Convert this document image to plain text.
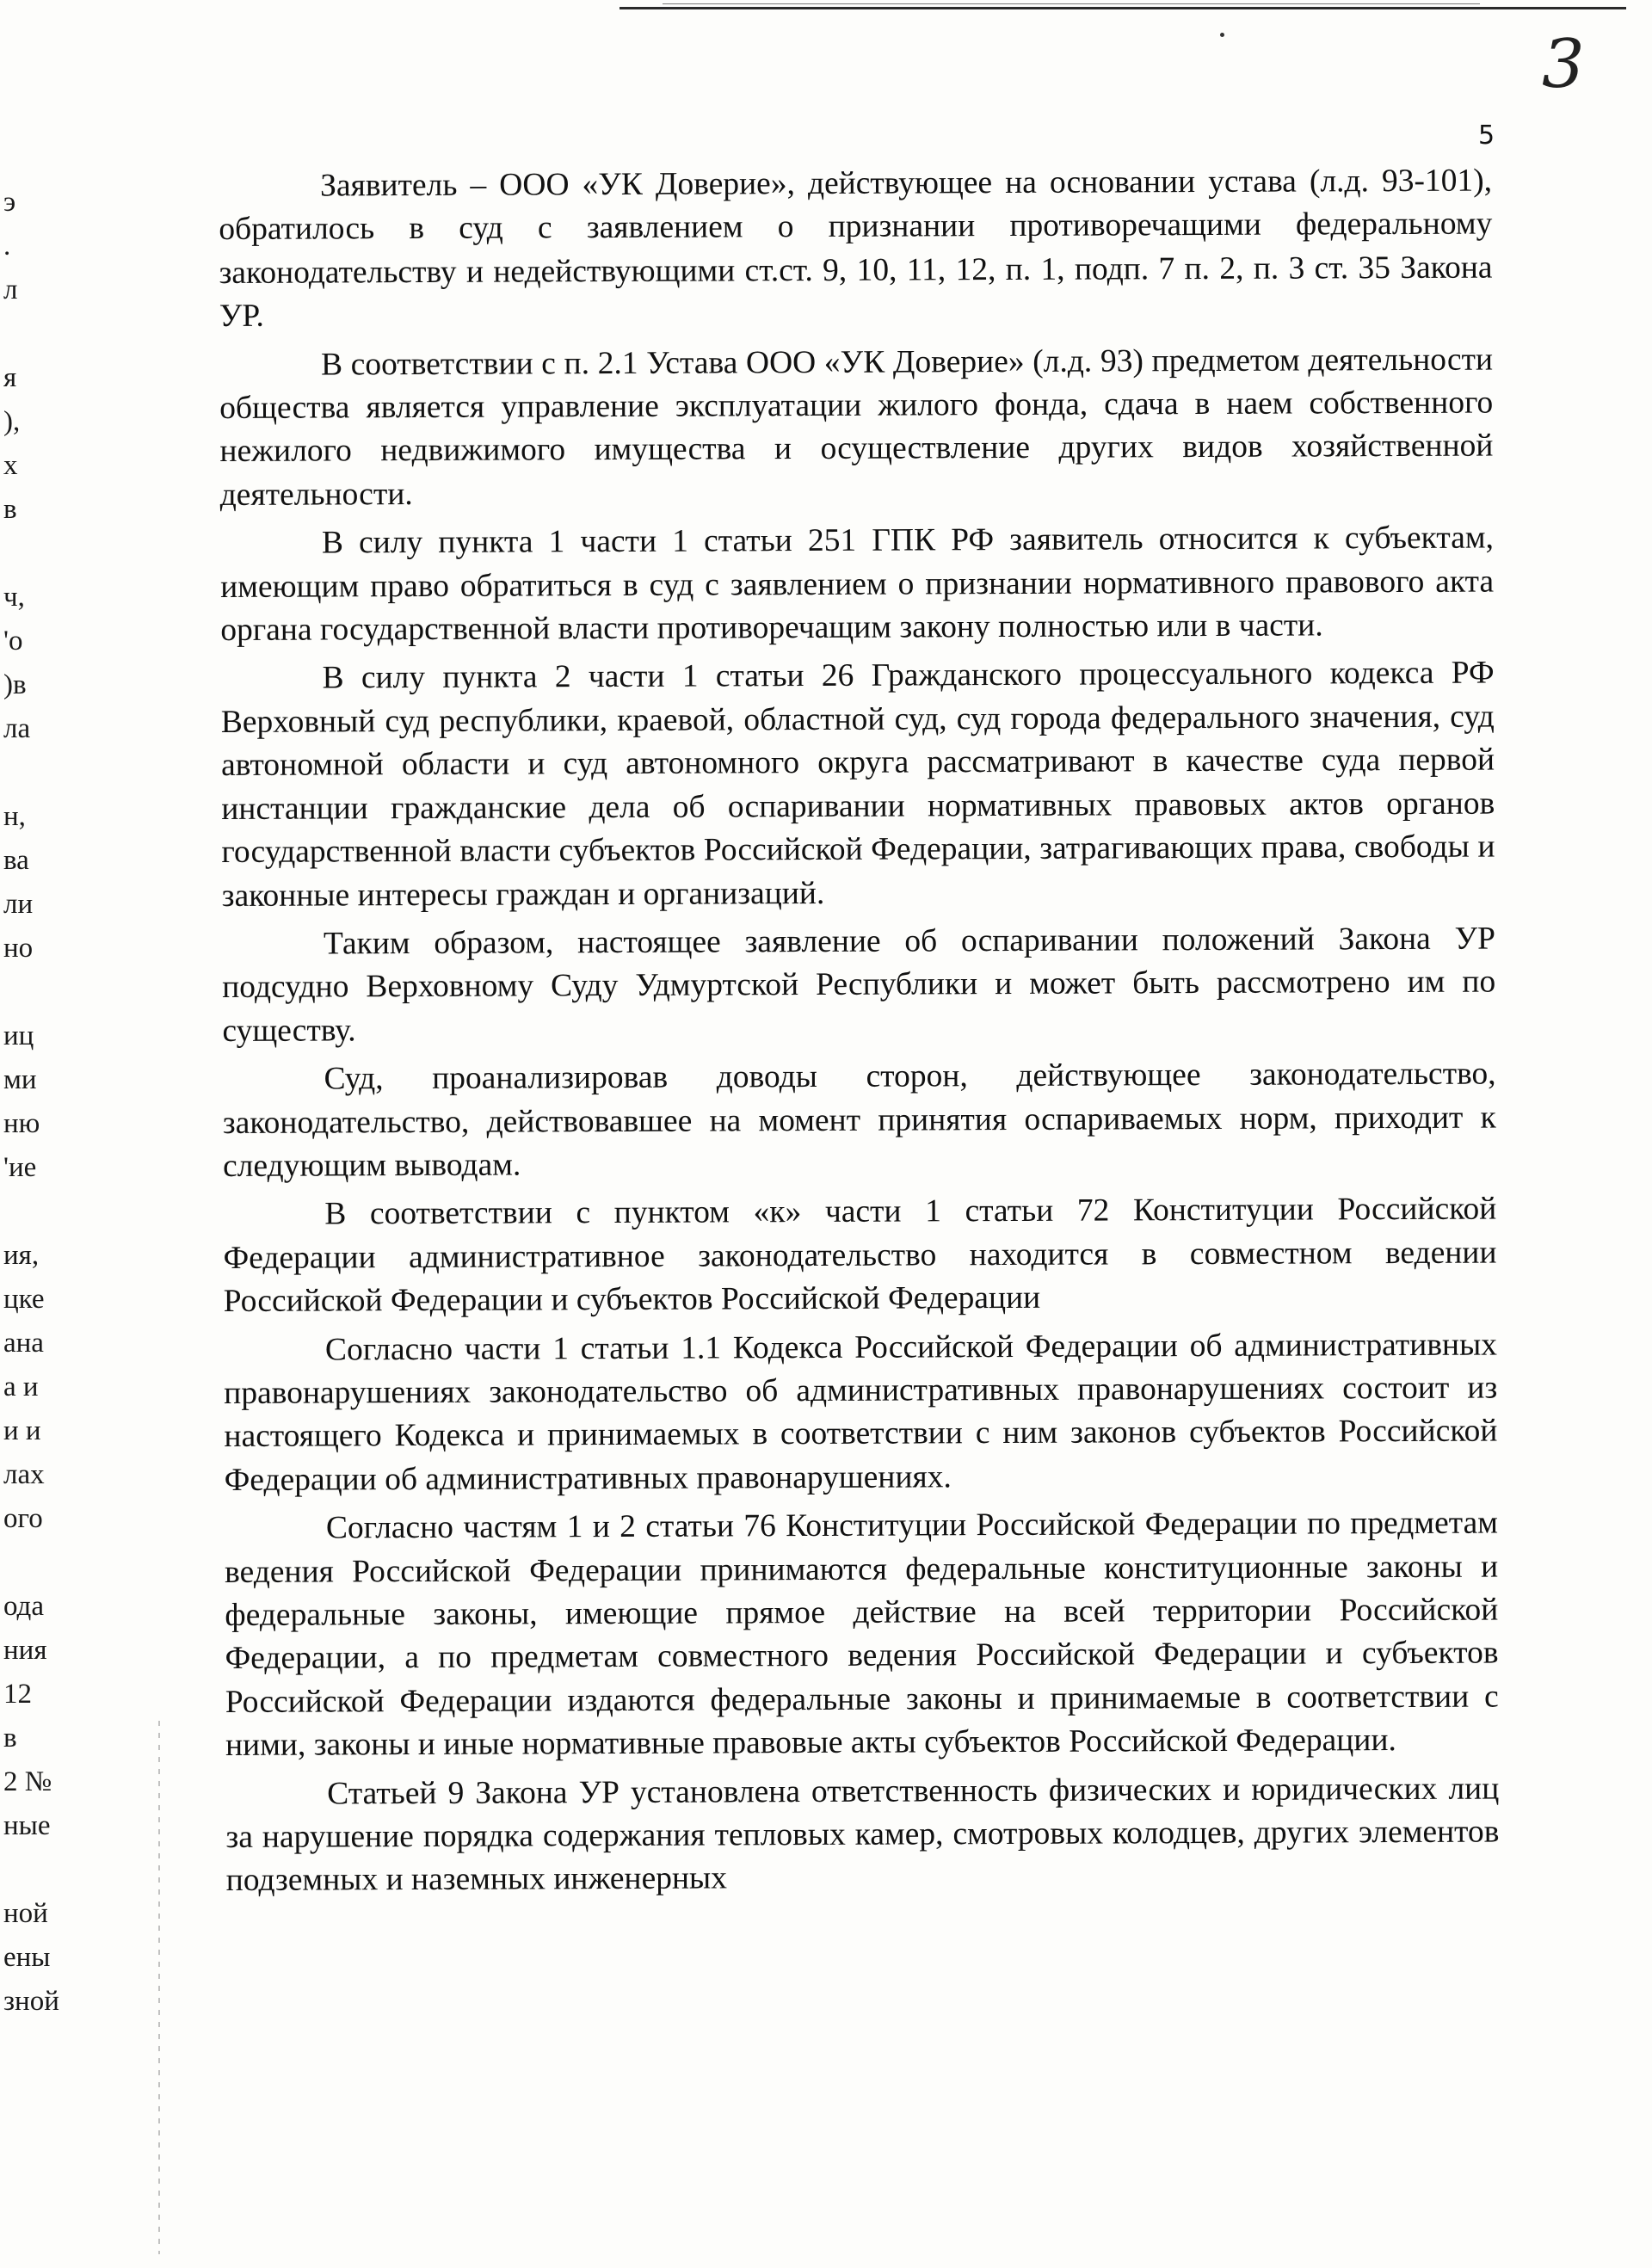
3
5
э
.
л
я
),
х
в
ч,
'о
)в
ла
н,
ва
ли
но
иц
ми
ню
'ие
ия,
цке
ана
а и
и и
лах
ого
ода
ния
12
в
2 №
ные
ной
ены
зной

Заявитель – ООО «УК Доверие», действующее на основании устава (л.д. 93-101), обратилось в суд с заявлением о признании противоречащими федеральному законодательству и недействующими ст.ст. 9, 10, 11, 12, п. 1, подп. 7 п. 2, п. 3 ст. 35 Закона УР.

В соответствии с п. 2.1 Устава ООО «УК Доверие» (л.д. 93) предметом деятельности общества является управление эксплуатации жилого фонда, сдача в наем собственного нежилого недвижимого имущества и осуществление других видов хозяйственной деятельности.

В силу пункта 1 части 1 статьи 251 ГПК РФ заявитель относится к субъектам, имеющим право обратиться в суд с заявлением о признании нормативного правового акта органа государственной власти противоречащим закону полностью или в части.

В силу пункта 2 части 1 статьи 26 Гражданского процессуального кодекса РФ Верховный суд республики, краевой, областной суд, суд города федерального значения, суд автономной области и суд автономного округа рассматривают в качестве суда первой инстанции гражданские дела об оспаривании нормативных правовых актов органов государственной власти субъектов Российской Федерации, затрагивающих права, свободы и законные интересы граждан и организаций.

Таким образом, настоящее заявление об оспаривании положений Закона УР подсудно Верховному Суду Удмуртской Республики и может быть рассмотрено им по существу.

Суд, проанализировав доводы сторон, действующее законодательство, законодательство, действовавшее на момент принятия оспариваемых норм, приходит к следующим выводам.

В соответствии с пунктом «к» части 1 статьи 72 Конституции Российской Федерации административное законодательство находится в совместном ведении Российской Федерации и субъектов Российской Федерации

Согласно части 1 статьи 1.1 Кодекса Российской Федерации об административных правонарушениях законодательство об административных правонарушениях состоит из настоящего Кодекса и принимаемых в соответствии с ним законов субъектов Российской Федерации об административных правонарушениях.

Согласно частям 1 и 2 статьи 76 Конституции Российской Федерации по предметам ведения Российской Федерации принимаются федеральные конституционные законы и федеральные законы, имеющие прямое действие на всей территории Российской Федерации, а по предметам совместного ведения Российской Федерации и субъектов Российской Федерации издаются федеральные законы и принимаемые в соответствии с ними, законы и иные нормативные правовые акты субъектов Российской Федерации.

Статьей 9 Закона УР установлена ответственность физических и юридических лиц за нарушение порядка содержания тепловых камер, смотровых колодцев, других элементов подземных и наземных инженерных
